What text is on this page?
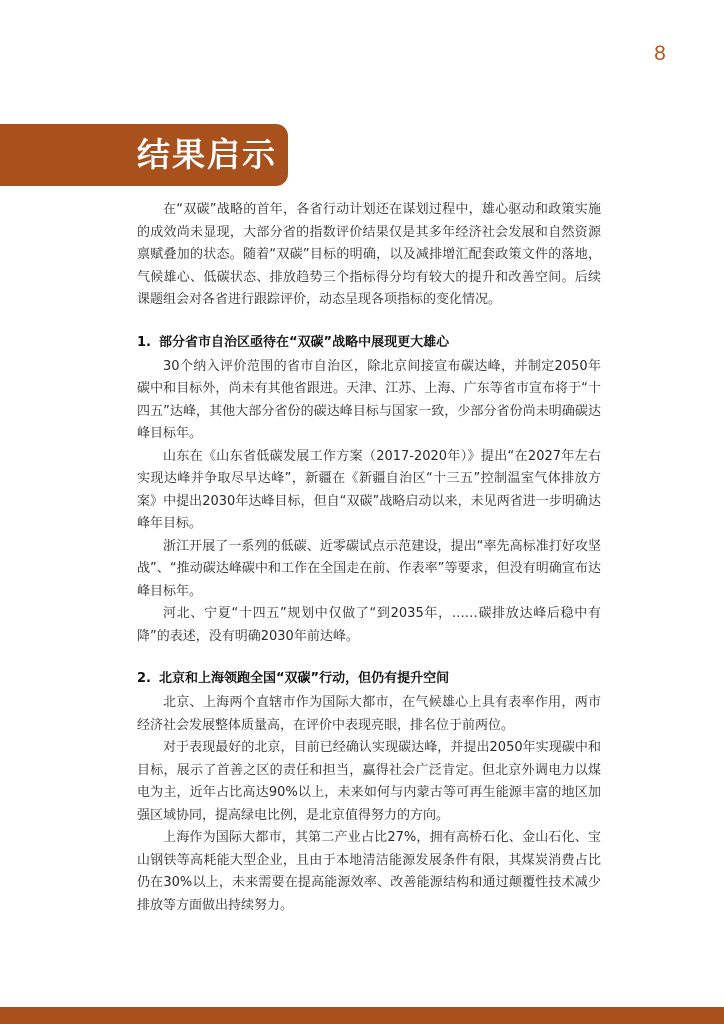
8
结果启示

在“双碳”战略的首年，各省行动计划还在谋划过程中，雄心驱动和政策实施的成效尚未显现，大部分省的指数评价结果仅是其多年经济社会发展和自然资源禀赋叠加的状态。随着“双碳”目标的明确，以及减排增汇配套政策文件的落地，气候雄心、低碳状态、排放趋势三个指标得分均有较大的提升和改善空间。后续课题组会对各省进行跟踪评价，动态呈现各项指标的变化情况。

1. 部分省市自治区亟待在“双碳”战略中展现更大雄心

30个纳入评价范围的省市自治区，除北京间接宣布碳达峰，并制定2050年碳中和目标外，尚未有其他省跟进。天津、江苏、上海、广东等省市宣布将于“十四五”达峰，其他大部分省份的碳达峰目标与国家一致，少部分省份尚未明确碳达峰目标年。

山东在《山东省低碳发展工作方案（2017-2020年）》提出“在2027年左右实现达峰并争取尽早达峰”，新疆在《新疆自治区“十三五”控制温室气体排放方案》中提出2030年达峰目标，但自“双碳”战略启动以来，未见两省进一步明确达峰年目标。

浙江开展了一系列的低碳、近零碳试点示范建设，提出“率先高标准打好攻坚战”、“推动碳达峰碳中和工作在全国走在前、作表率”等要求，但没有明确宣布达峰目标年。

河北、宁夏“十四五”规划中仅做了“到2035年，……碳排放达峰后稳中有降”的表述，没有明确2030年前达峰。

2. 北京和上海领跑全国“双碳”行动，但仍有提升空间

北京、上海两个直辖市作为国际大都市，在气候雄心上具有表率作用，两市经济社会发展整体质量高，在评价中表现亮眼，排名位于前两位。

对于表现最好的北京，目前已经确认实现碳达峰，并提出2050年实现碳中和目标，展示了首善之区的责任和担当，赢得社会广泛肯定。但北京外调电力以煤电为主，近年占比高达90%以上，未来如何与内蒙古等可再生能源丰富的地区加强区域协同，提高绿电比例，是北京值得努力的方向。

上海作为国际大都市，其第二产业占比27%，拥有高桥石化、金山石化、宝山钢铁等高耗能大型企业，且由于本地清洁能源发展条件有限，其煤炭消费占比仍在30%以上，未来需要在提高能源效率、改善能源结构和通过颠覆性技术减少排放等方面做出持续努力。
